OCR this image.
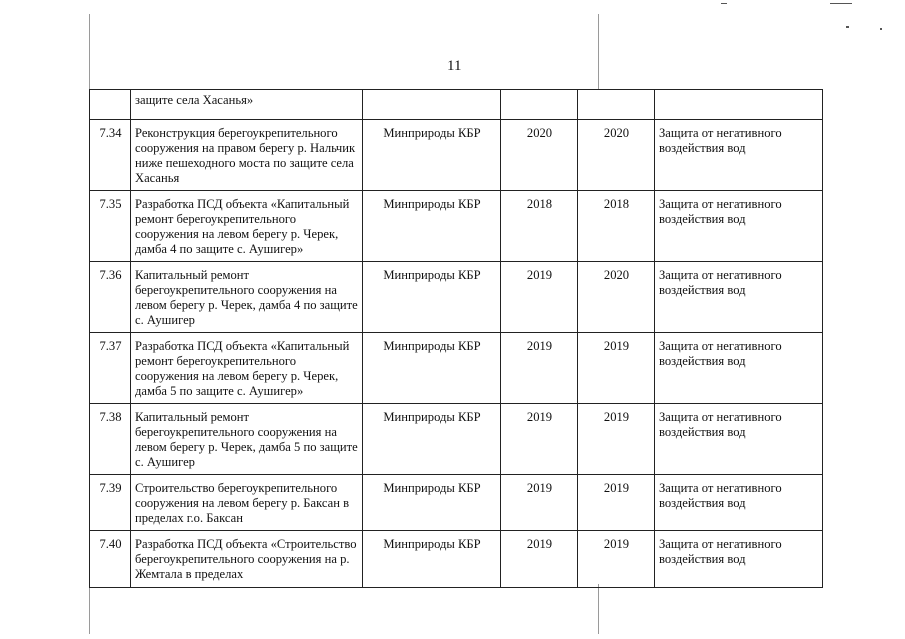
11
	защите села Хасанья»				
7.34	Реконструкция берегоукрепительного сооружения на правом берегу р. Нальчик ниже пешеходного моста по защите села Хасанья	Минприроды КБР	2020	2020	Защита от негативного воздействия вод
7.35	Разработка ПСД объекта «Капитальный ремонт берегоукрепительного сооружения на левом берегу р. Черек, дамба 4 по защите с. Аушигер»	Минприроды КБР	2018	2018	Защита от негативного воздействия вод
7.36	Капитальный ремонт берегоукрепительного сооружения на левом берегу р. Черек, дамба 4 по защите с. Аушигер	Минприроды КБР	2019	2020	Защита от негативного воздействия вод
7.37	Разработка ПСД объекта «Капитальный ремонт берегоукрепительного сооружения на левом берегу р. Черек, дамба 5 по защите с. Аушигер»	Минприроды КБР	2019	2019	Защита от негативного воздействия вод
7.38	Капитальный ремонт берегоукрепительного сооружения на левом берегу р. Черек, дамба 5 по защите с. Аушигер	Минприроды КБР	2019	2019	Защита от негативного воздействия вод
7.39	Строительство берегоукрепительного сооружения на левом берегу р. Баксан в пределах г.о. Баксан	Минприроды КБР	2019	2019	Защита от негативного воздействия вод
7.40	Разработка ПСД объекта «Строительство берегоукрепительного сооружения на р. Жемтала в пределах	Минприроды КБР	2019	2019	Защита от негативного воздействия вод
